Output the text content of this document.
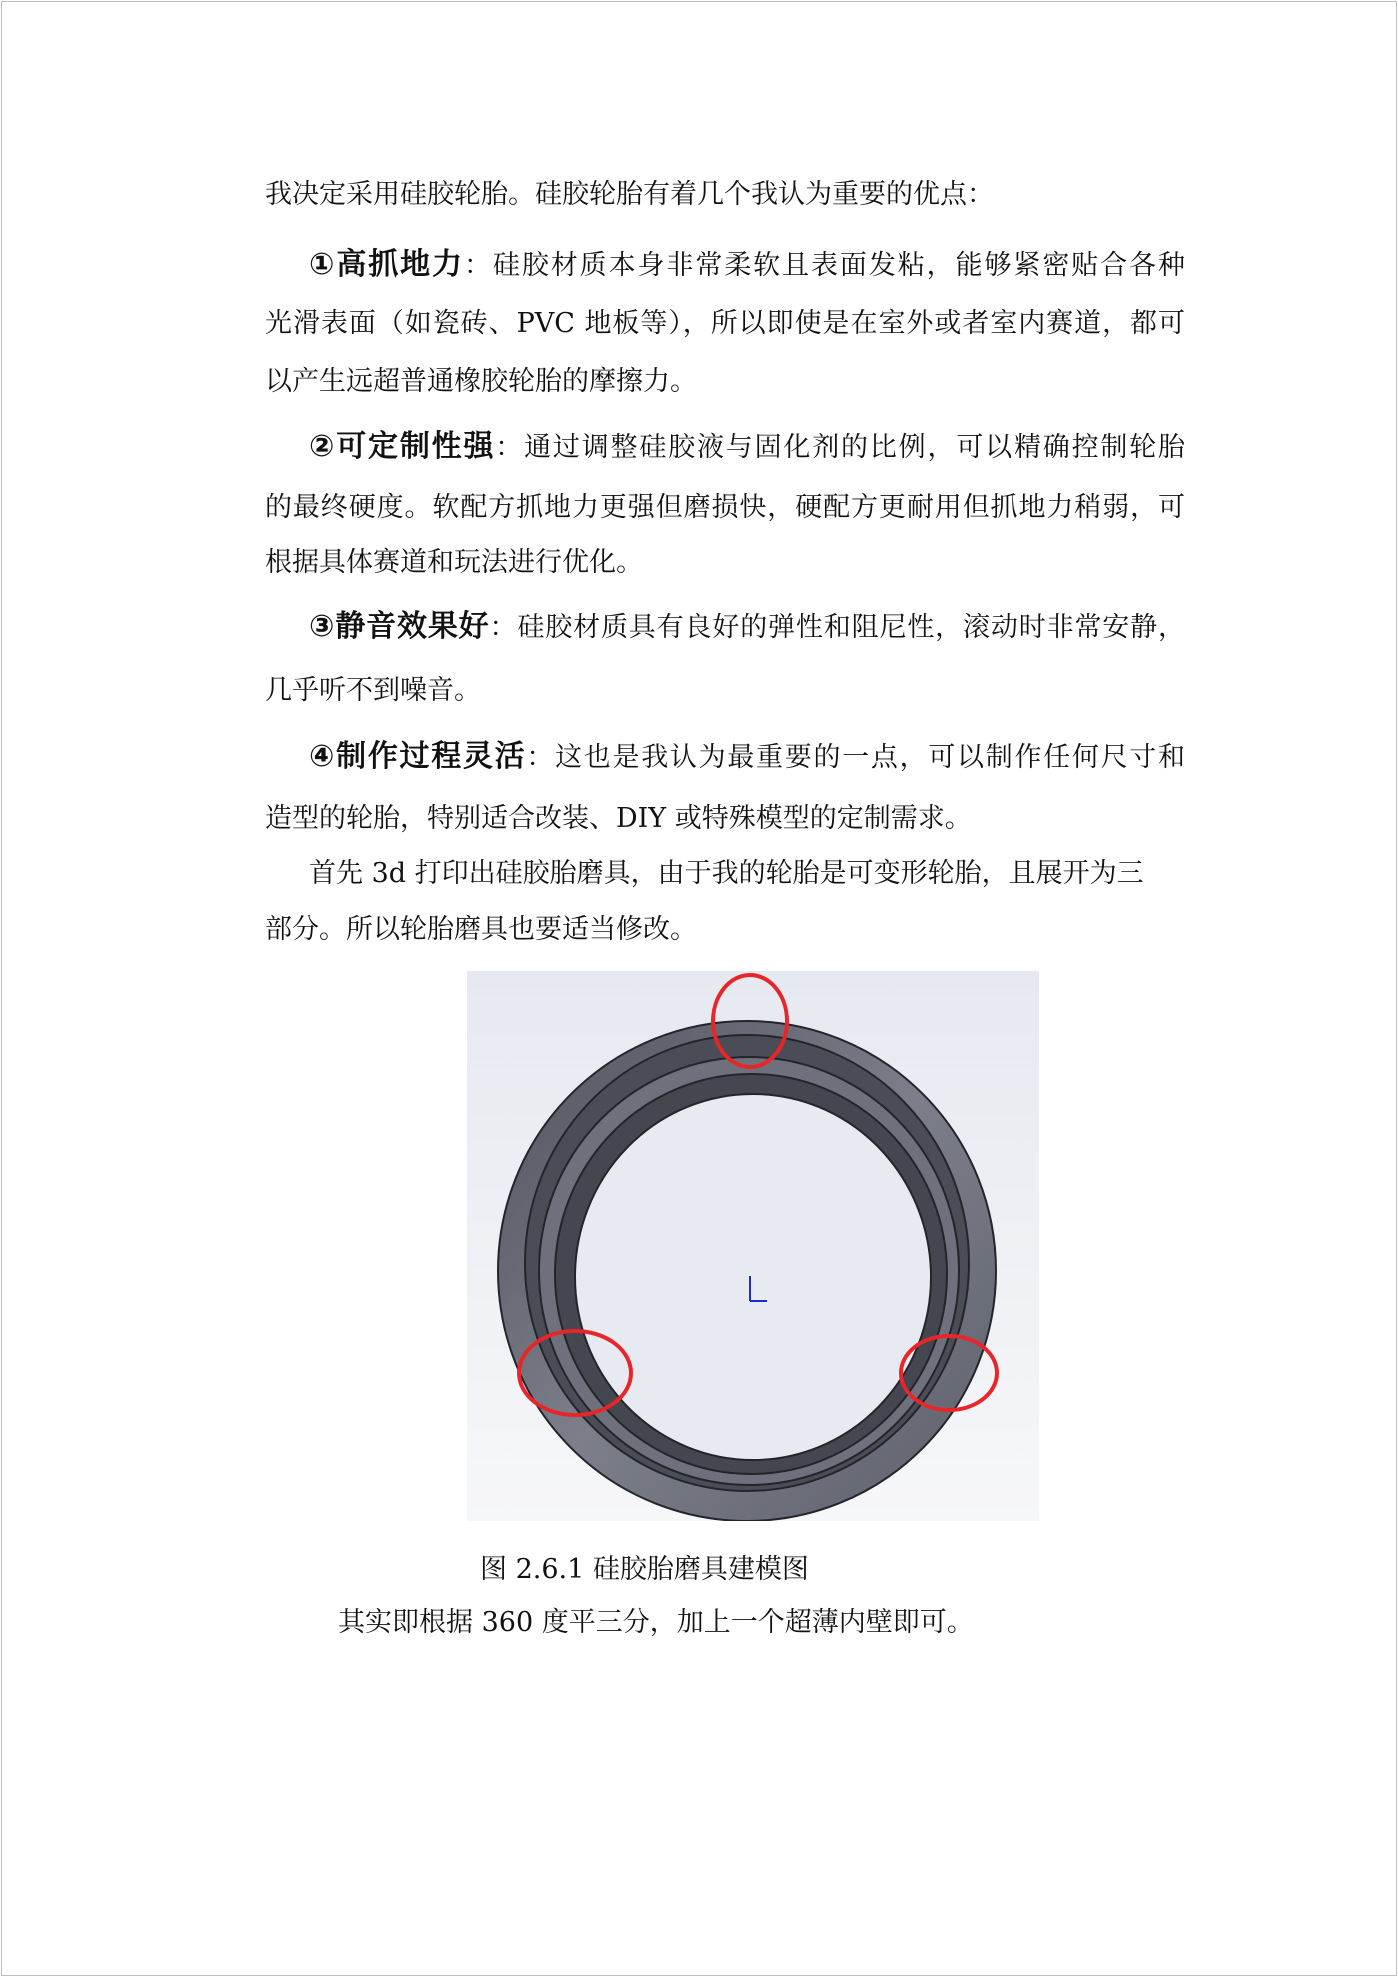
我决定采用硅胶轮胎。硅胶轮胎有着几个我认为重要的优点：
①高抓地力：硅胶材质本身非常柔软且表面发粘，能够紧密贴合各种
光滑表面（如瓷砖、PVC 地板等），所以即使是在室外或者室内赛道，都可
以产生远超普通橡胶轮胎的摩擦力。
②可定制性强：通过调整硅胶液与固化剂的比例，可以精确控制轮胎
的最终硬度。软配方抓地力更强但磨损快，硬配方更耐用但抓地力稍弱，可
根据具体赛道和玩法进行优化。
③静音效果好：硅胶材质具有良好的弹性和阻尼性，滚动时非常安静，
几乎听不到噪音。
④制作过程灵活：这也是我认为最重要的一点，可以制作任何尺寸和
造型的轮胎，特别适合改装、DIY 或特殊模型的定制需求。
首先 3d 打印出硅胶胎磨具，由于我的轮胎是可变形轮胎，且展开为三
部分。所以轮胎磨具也要适当修改。
图 2.6.1 硅胶胎磨具建模图
其实即根据 360 度平三分，加上一个超薄内壁即可。
